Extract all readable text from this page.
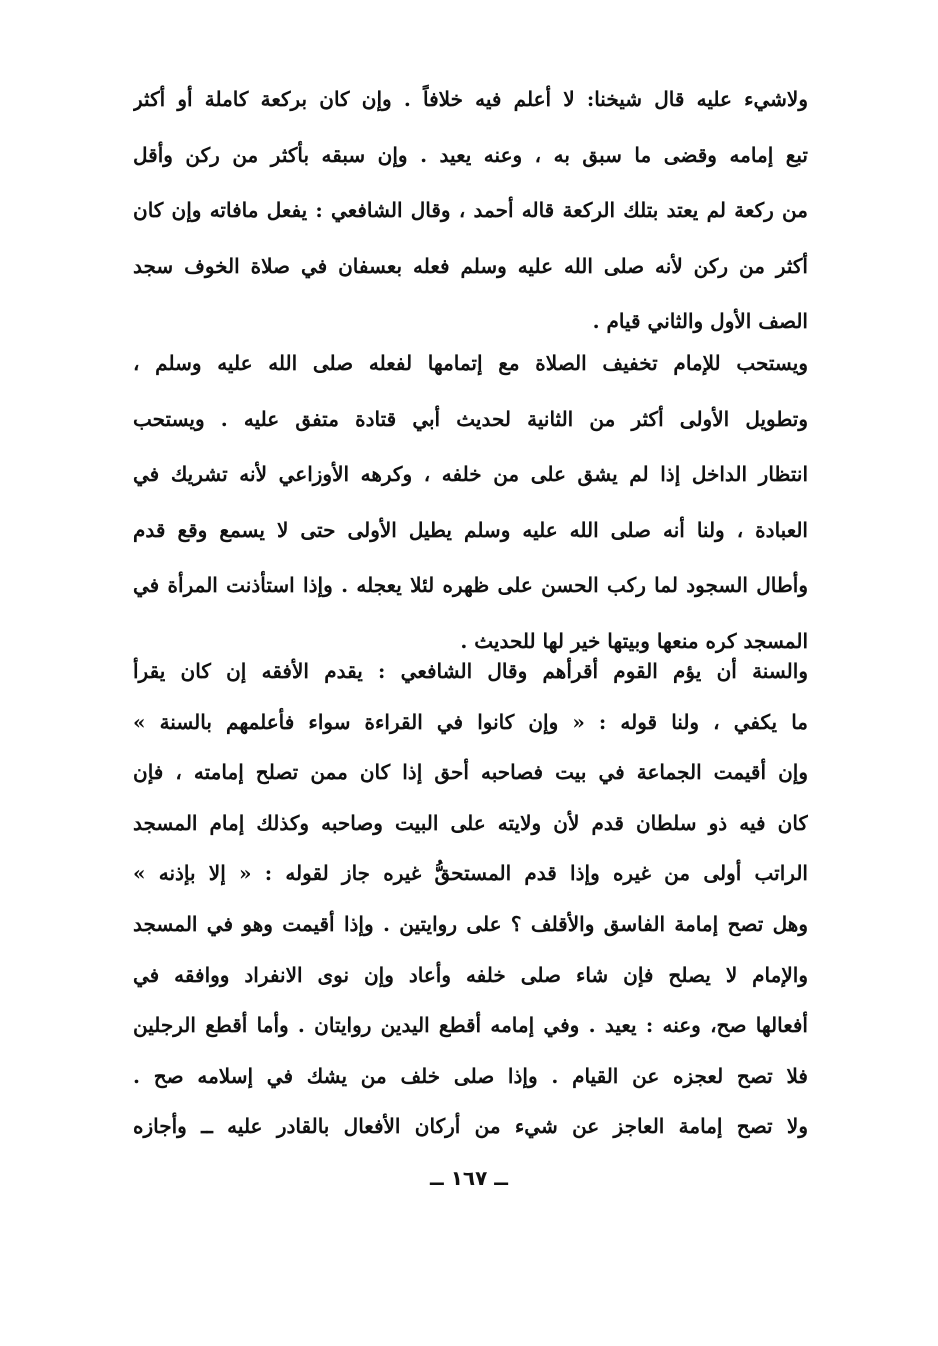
ولاشيء عليه قال شيخنا: لا أعلم فيه خلافاً . وإن كان بركعة كاملة أو أكثر
تبع إمامه وقضى ما سبق به ، وعنه يعيد . وإن سبقه بأكثر من ركن وأقل
من ركعة لم يعتد بتلك الركعة قاله أحمد ، وقال الشافعي : يفعل مافاته وإن كان
أكثر من ركن لأنه صلى الله عليه وسلم فعله بعسفان في صلاة الخوف سجد
الصف الأول والثاني قيام .
ويستحب للإمام تخفيف الصلاة مع إتمامها لفعله صلى الله عليه وسلم ،
وتطويل الأولى أكثر من الثانية لحديث أبي قتادة متفق عليه . ويستحب
انتظار الداخل إذا لم يشق على من خلفه ، وكرهه الأوزاعي لأنه تشريك في
العبادة ، ولنا أنه صلى الله عليه وسلم يطيل الأولى حتى لا يسمع وقع قدم
وأطال السجود لما ركب الحسن على ظهره لئلا يعجله . وإذا استأذنت المرأة في
المسجد كره منعها وبيتها خير لها للحديث .
والسنة أن يؤم القوم أقرأهم وقال الشافعي : يقدم الأفقه إن كان يقرأ
ما يكفي ، ولنا قوله : « وإن كانوا في القراءة سواء فأعلمهم بالسنة »
وإن أقيمت الجماعة في بيت فصاحبه أحق إذا كان ممن تصلح إمامته ، فإن
كان فيه ذو سلطان قدم لأن ولايته على البيت وصاحبه وكذلك إمام المسجد
الراتب أولى من غيره وإذا قدم المستحقُّ غيره جاز لقوله : « إلا بإذنه »
وهل تصح إمامة الفاسق والأقلف ؟ على روايتين . وإذا أقيمت وهو في المسجد
والإمام لا يصلح فإن شاء صلى خلفه وأعاد وإن نوى الانفراد ووافقه في
أفعالها صح، وعنه : يعيد . وفي إمامه أقطع اليدين روايتان . وأما أقطع الرجلين
فلا تصح لعجزه عن القيام . وإذا صلى خلف من يشك في إسلامه صح .
ولا تصح إمامة العاجز عن شيء من أركان الأفعال بالقادر عليه ــ وأجازه
ــ ١٦٧ ــ
